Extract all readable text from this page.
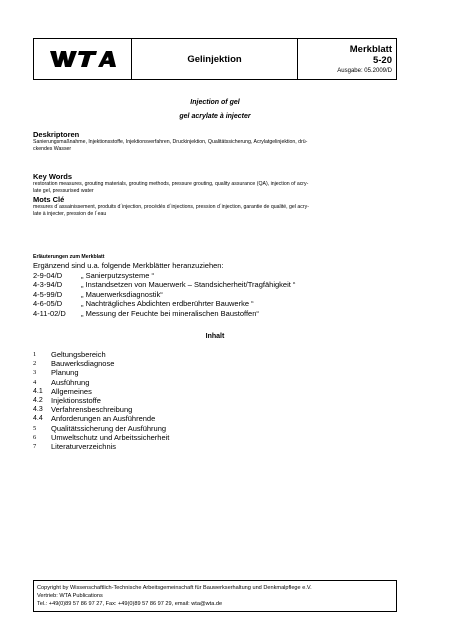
Gelinjektion
Merkblatt
5-20
Ausgabe: 05.2009/D
Injection of gel
gel acrylate à injecter
Deskriptoren
Sanierungsmaßnahme, Injektionsstoffe, Injektionsverfahren, Druckinjektion, Qualitätssicherung, Acrylatgelinjektion, drü-
ckendes Wasser
Key Words
restoration measures, grouting materials, grouting methods, pressure grouting, quality assurance (QA), injection of acry-
late gel, pressurised water
Mots Clé
mesures d´assainissement, produits d´injection, procédés d´injections, pression d´injection, garantie de qualité, gel acry-
late à injecter, pression de l´eau
Erläuterungen zum Merkblatt
Ergänzend sind u.a. folgende Merkblätter heranzuziehen:
2-9-04/D	„ Sanierputzsysteme “
4-3-94/D	„ Instandsetzen von Mauerwerk – Standsicherheit/Tragfähigkeit “
4-5-99/D	„ Mauerwerksdiagnostik“
4-6-05/D	„ Nachträgliches Abdichten erdberührter Bauwerke “
4-11-02/D	„ Messung der Feuchte bei mineralischen Baustoffen“
Inhalt
1	Geltungsbereich
2	Bauwerksdiagnose
3	Planung
4	Ausführung
4.1	Allgemeines
4.2	Injektionsstoffe
4.3	Verfahrensbeschreibung
4.4	Anforderungen an Ausführende
5	Qualitätssicherung der Ausführung
6	Umweltschutz und Arbeitssicherheit
7	Literaturverzeichnis
Copyright by Wissenschaftlich-Technische Arbeitsgemeinschaft für Bauwerkserhaltung und Denkmalpflege e.V.
Vertrieb: WTA Publications
Tel.: +49(0)89 57 86 97 27, Fax: +49(0)89 57 86 97 29, email: wta@wta.de
